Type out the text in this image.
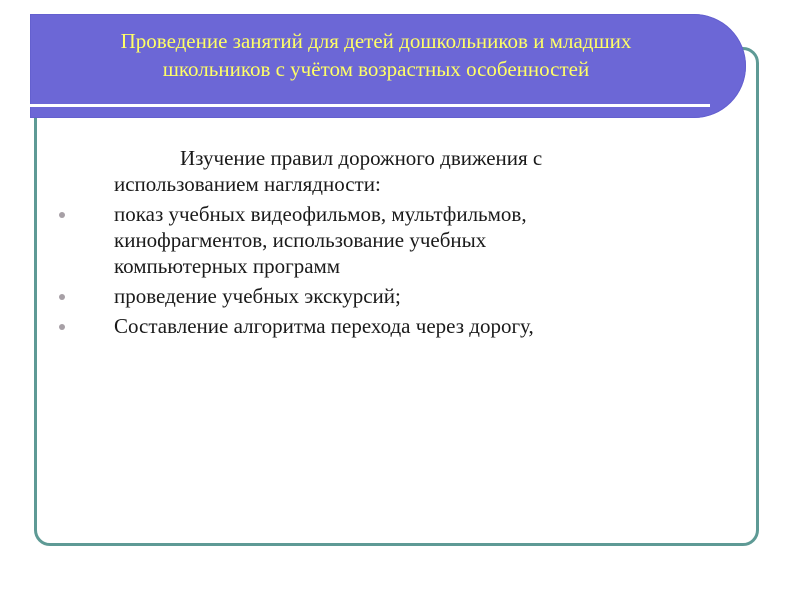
Проведение занятий для детей дошкольников и младших
школьников с учётом возрастных особенностей
Изучение правил дорожного движения с
использованием наглядности:
показ учебных видеофильмов, мультфильмов,
кинофрагментов, использование учебных
компьютерных программ
проведение учебных экскурсий;
Составление алгоритма перехода через дорогу,
